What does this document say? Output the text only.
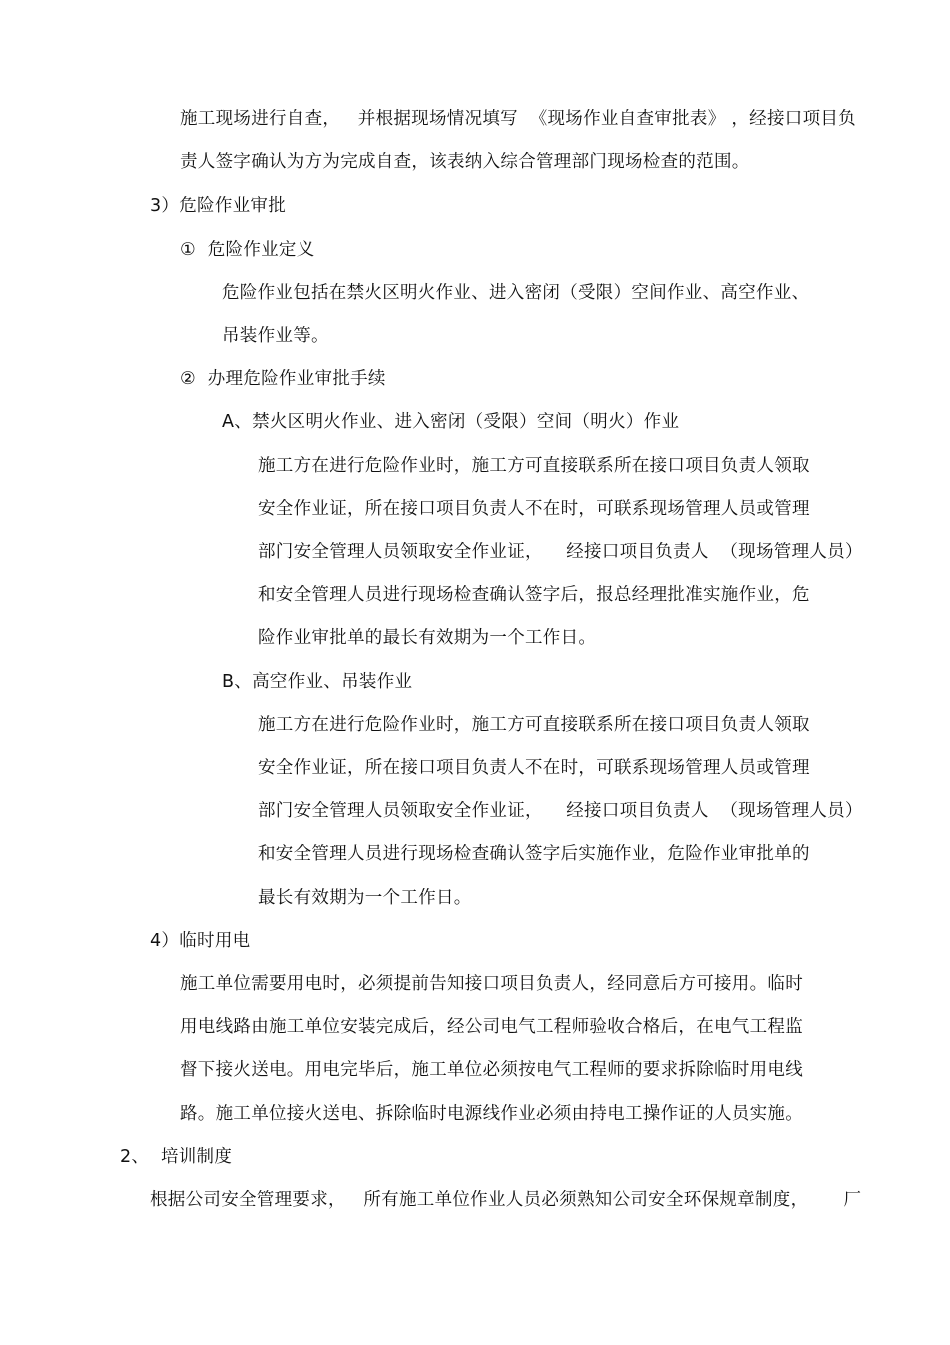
施工现场进行自查，   并根据现场情况填写  《现场作业自查审批表》 ，经接口项目负
责人签字确认为方为完成自查，该表纳入综合管理部门现场检查的范围。
3）危险作业审批
①  危险作业定义
危险作业包括在禁火区明火作业、进入密闭（受限）空间作业、高空作业、
吊装作业等。
②  办理危险作业审批手续
A、禁火区明火作业、进入密闭（受限）空间（明火）作业
施工方在进行危险作业时，施工方可直接联系所在接口项目负责人领取
安全作业证，所在接口项目负责人不在时，可联系现场管理人员或管理
部门安全管理人员领取安全作业证，    经接口项目负责人  （现场管理人员）
和安全管理人员进行现场检查确认签字后，报总经理批准实施作业，危
险作业审批单的最长有效期为一个工作日。
B、高空作业、吊装作业
施工方在进行危险作业时，施工方可直接联系所在接口项目负责人领取
安全作业证，所在接口项目负责人不在时，可联系现场管理人员或管理
部门安全管理人员领取安全作业证，    经接口项目负责人  （现场管理人员）
和安全管理人员进行现场检查确认签字后实施作业，危险作业审批单的
最长有效期为一个工作日。
4）临时用电
施工单位需要用电时，必须提前告知接口项目负责人，经同意后方可接用。临时
用电线路由施工单位安装完成后，经公司电气工程师验收合格后，在电气工程监
督下接火送电。用电完毕后，施工单位必须按电气工程师的要求拆除临时用电线
路。施工单位接火送电、拆除临时电源线作业必须由持电工操作证的人员实施。
2、  培训制度
根据公司安全管理要求，   所有施工单位作业人员必须熟知公司安全环保规章制度，      厂
